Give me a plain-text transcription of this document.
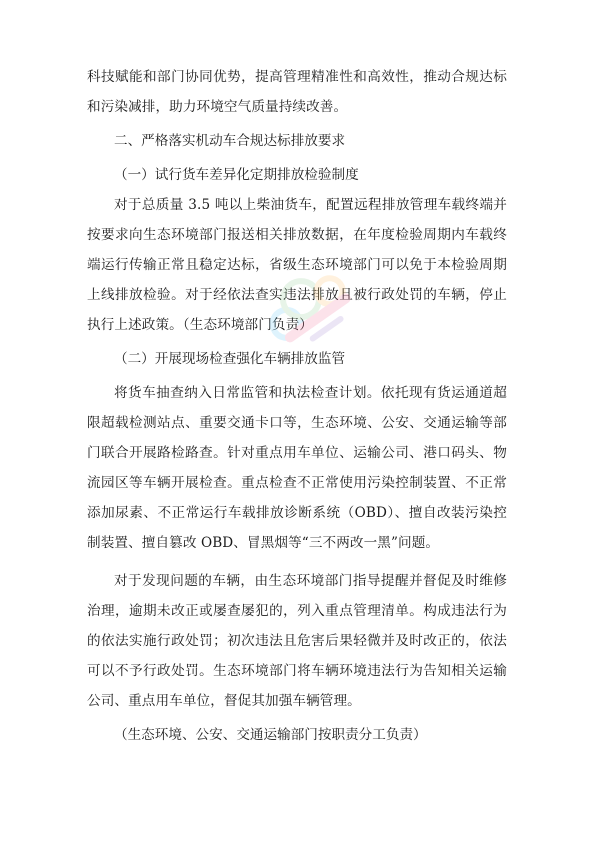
科技赋能和部门协同优势，提高管理精准性和高效性，推动合规达标和污染减排，助力环境空气质量持续改善。

二、严格落实机动车合规达标排放要求

（一）试行货车差异化定期排放检验制度

对于总质量 3.5 吨以上柴油货车，配置远程排放管理车载终端并按要求向生态环境部门报送相关排放数据，在年度检验周期内车载终端运行传输正常且稳定达标，省级生态环境部门可以免于本检验周期上线排放检验。对于经依法查实违法排放且被行政处罚的车辆，停止执行上述政策。（生态环境部门负责）

（二）开展现场检查强化车辆排放监管

将货车抽查纳入日常监管和执法检查计划。依托现有货运通道超限超载检测站点、重要交通卡口等，生态环境、公安、交通运输等部门联合开展路检路查。针对重点用车单位、运输公司、港口码头、物流园区等车辆开展检查。重点检查不正常使用污染控制装置、不正常添加尿素、不正常运行车载排放诊断系统（OBD）、擅自改装污染控制装置、擅自篡改 OBD、冒黑烟等“三不两改一黑”问题。

对于发现问题的车辆，由生态环境部门指导提醒并督促及时维修治理，逾期未改正或屡查屡犯的，列入重点管理清单。构成违法行为的依法实施行政处罚；初次违法且危害后果轻微并及时改正的，依法可以不予行政处罚。生态环境部门将车辆环境违法行为告知相关运输公司、重点用车单位，督促其加强车辆管理。

（生态环境、公安、交通运输部门按职责分工负责）
